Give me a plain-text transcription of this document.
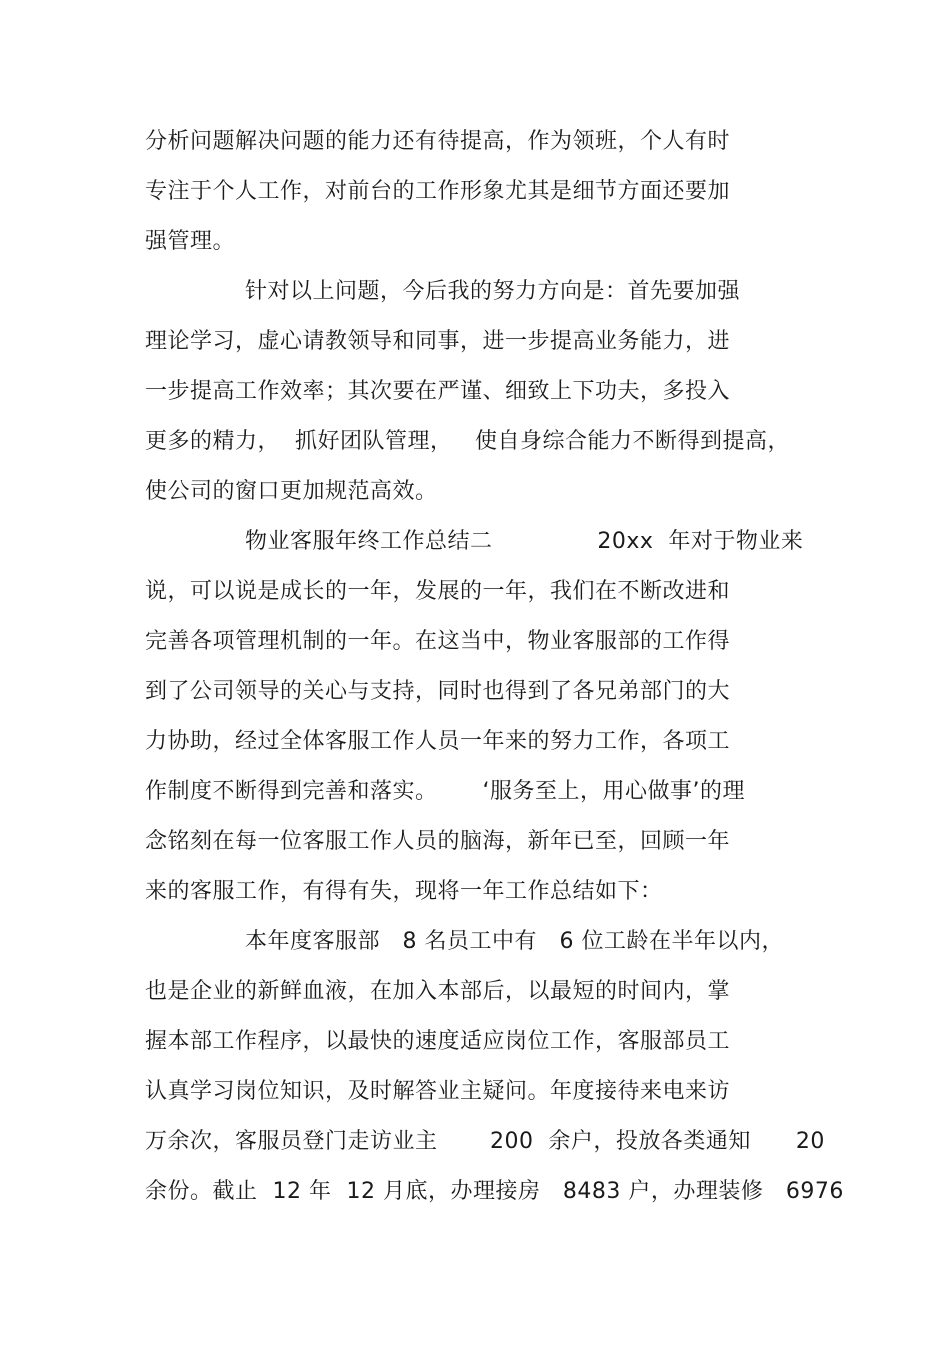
分析问题解决问题的能力还有待提高，作为领班，个人有时
专注于个人工作，对前台的工作形象尤其是细节方面还要加
强管理。
针对以上问题，今后我的努力方向是：首先要加强
理论学习，虚心请教领导和同事，进一步提高业务能力，进
一步提高工作效率；其次要在严谨、细致上下功夫，多投入
更多的精力，  抓好团队管理，   使自身综合能力不断得到提高，
使公司的窗口更加规范高效。
物业客服年终工作总结二              20xx  年对于物业来
说，可以说是成长的一年，发展的一年，我们在不断改进和
完善各项管理机制的一年。在这当中，物业客服部的工作得
到了公司领导的关心与支持，同时也得到了各兄弟部门的大
力协助，经过全体客服工作人员一年来的努力工作，各项工
作制度不断得到完善和落实。      ‘服务至上，用心做事’的理
念铭刻在每一位客服工作人员的脑海，新年已至，回顾一年
来的客服工作，有得有失，现将一年工作总结如下：
本年度客服部   8 名员工中有   6 位工龄在半年以内，
也是企业的新鲜血液，在加入本部后，以最短的时间内，掌
握本部工作程序，以最快的速度适应岗位工作，客服部员工
认真学习岗位知识，及时解答业主疑问。年度接待来电来访
万余次，客服员登门走访业主       200  余户，投放各类通知      20
余份。截止  12 年  12 月底，办理接房   8483 户，办理装修   6976
